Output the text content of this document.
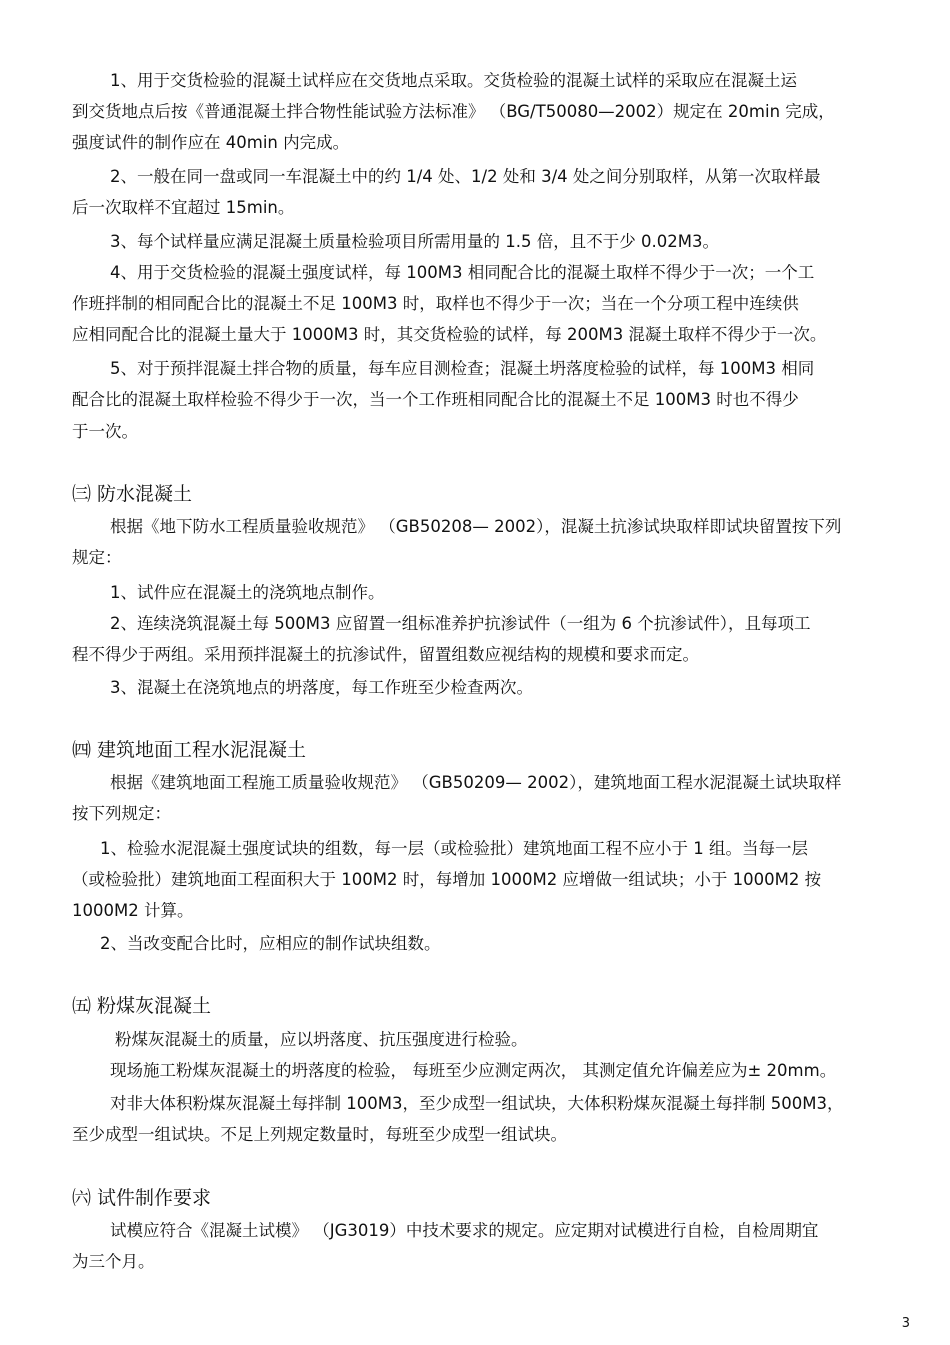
1、用于交货检验的混凝土试样应在交货地点采取。交货检验的混凝土试样的采取应在混凝土运
到交货地点后按《普通混凝土拌合物性能试验方法标准》 （BG/T50080—2002）规定在 20min 完成，
强度试件的制作应在 40min 内完成。
2、一般在同一盘或同一车混凝土中的约 1/4 处、1/2 处和 3/4 处之间分别取样，从第一次取样最
后一次取样不宜超过 15min。
3、每个试样量应满足混凝土质量检验项目所需用量的 1.5 倍，且不于少 0.02M3。
4、用于交货检验的混凝土强度试样，每 100M3 相同配合比的混凝土取样不得少于一次；一个工
作班拌制的相同配合比的混凝土不足 100M3 时，取样也不得少于一次；当在一个分项工程中连续供
应相同配合比的混凝土量大于 1000M3 时，其交货检验的试样，每 200M3 混凝土取样不得少于一次。
5、对于预拌混凝土拌合物的质量，每车应目测检查；混凝土坍落度检验的试样，每 100M3 相同
配合比的混凝土取样检验不得少于一次，当一个工作班相同配合比的混凝土不足 100M3 时也不得少
于一次。
㈢ 防水混凝土
根据《地下防水工程质量验收规范》 （GB50208— 2002），混凝土抗渗试块取样即试块留置按下列
规定：
1、试件应在混凝土的浇筑地点制作。
2、连续浇筑混凝土每 500M3 应留置一组标准养护抗渗试件（一组为 6 个抗渗试件），且每项工
程不得少于两组。采用预拌混凝土的抗渗试件，留置组数应视结构的规模和要求而定。
3、混凝土在浇筑地点的坍落度，每工作班至少检查两次。
㈣ 建筑地面工程水泥混凝土
根据《建筑地面工程施工质量验收规范》 （GB50209— 2002），建筑地面工程水泥混凝土试块取样
按下列规定：
1、检验水泥混凝土强度试块的组数，每一层（或检验批）建筑地面工程不应小于 1 组。当每一层
（或检验批）建筑地面工程面积大于 100M2 时，每增加 1000M2 应增做一组试块；小于 1000M2 按
1000M2 计算。
2、当改变配合比时，应相应的制作试块组数。
㈤ 粉煤灰混凝土
粉煤灰混凝土的质量，应以坍落度、抗压强度进行检验。
现场施工粉煤灰混凝土的坍落度的检验， 每班至少应测定两次， 其测定值允许偏差应为± 20mm。
对非大体积粉煤灰混凝土每拌制 100M3，至少成型一组试块，大体积粉煤灰混凝土每拌制 500M3，
至少成型一组试块。不足上列规定数量时，每班至少成型一组试块。
㈥ 试件制作要求
试模应符合《混凝土试模》 （JG3019）中技术要求的规定。应定期对试模进行自检，自检周期宜
为三个月。
3
